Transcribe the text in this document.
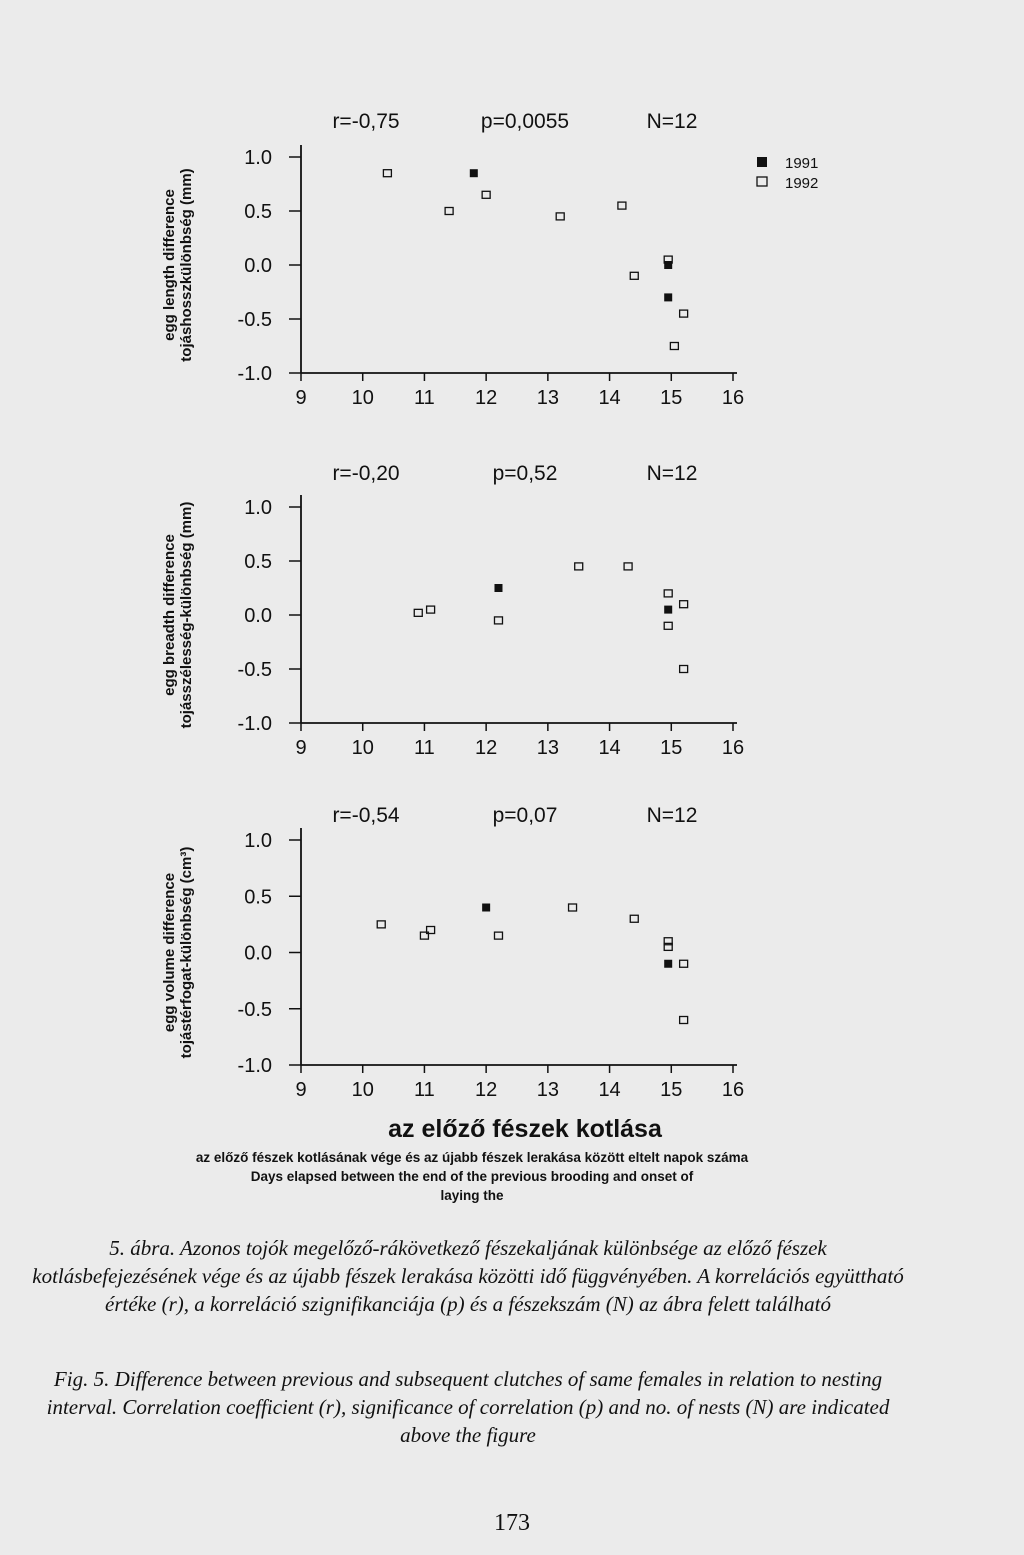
1.0
0.5
0.0
-0.5
-1.0
9 10 11 12 13 14 15 16
egg length difference tojáshosszkülönbség (mm)
r=-0,75	p=0,0055	N=12
1991
1992
1.0
0.5
0.0
-0.5
-1.0
9 10 11 12 13 14 15 16
egg breadth difference tojásszélesség-különbség (mm)
r=-0,20	p=0,52	N=12
1.0
0.5
0.0
-0.5
-1.0
9 10 11 12 13 14 15 16
egg volume difference tojástérfogat-különbség (cm³)
r=-0,54	p=0,07	N=12
az előző fészek kotlása
az előző fészek kotlásának vége és az újabb fészek lerakása között eltelt napok száma
Days elapsed between the end of the previous brooding and onset of
laying the
5. ábra. Azonos tojók megelőző-rákövetkező fészekaljának különbsége az előző fészek kotlásbefejezésének vége és az újabb fészek lerakása közötti idő függvényében. A korrelációs együttható értéke (r), a korreláció szignifikanciája (p) és a fészekszám (N) az ábra felett található
Fig. 5. Difference between previous and subsequent clutches of same females in relation to nesting interval. Correlation coefficient (r), significance of correlation (p) and no. of nests (N) are indicated above the figure
173
